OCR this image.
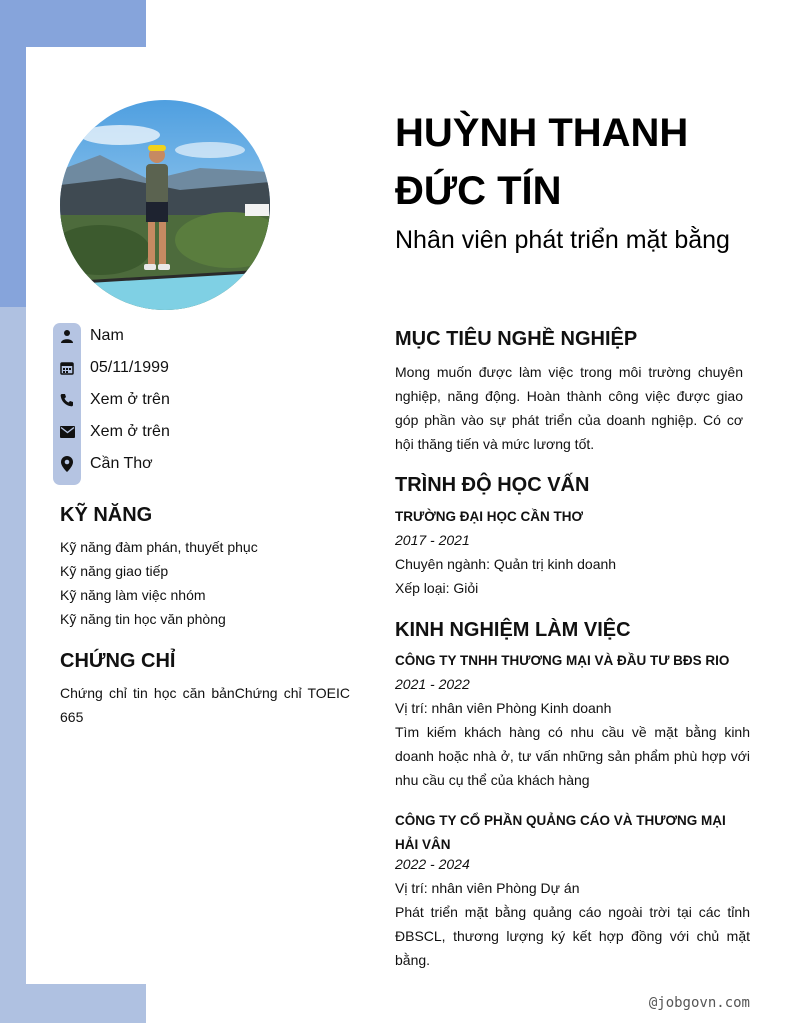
Nam
05/11/1999
Xem ở trên
Xem ở trên
Cần Thơ
KỸ NĂNG
Kỹ năng đàm phán, thuyết phục
Kỹ năng giao tiếp
Kỹ năng làm việc nhóm
Kỹ năng tin học văn phòng
CHỨNG CHỈ
Chứng chỉ tin học căn bảnChứng chỉ TOEIC 665
HUỲNH THANH ĐỨC TÍN
Nhân viên phát triển mặt bằng
MỤC TIÊU NGHỀ NGHIỆP
Mong muốn được làm việc trong môi trường chuyên nghiệp, năng động. Hoàn thành công việc được giao góp phần vào sự phát triển của doanh nghiệp. Có cơ hội thăng tiến và mức lương tốt.
TRÌNH ĐỘ HỌC VẤN
TRƯỜNG ĐẠI HỌC CẦN THƠ
2017 - 2021
Chuyên ngành: Quản trị kinh doanh
Xếp loại: Giỏi
KINH NGHIỆM LÀM VIỆC
CÔNG TY TNHH THƯƠNG MẠI VÀ ĐẦU TƯ BĐS RIO
2021 - 2022
Vị trí: nhân viên Phòng Kinh doanh
Tìm kiếm khách hàng có nhu cầu về mặt bằng kinh doanh hoặc nhà ở, tư vấn những sản phẩm phù hợp với nhu cầu cụ thể của khách hàng
CÔNG TY CỔ PHẦN QUẢNG CÁO VÀ THƯƠNG MẠI HẢI VÂN
2022 - 2024
Vị trí: nhân viên Phòng Dự án
Phát triển mặt bằng quảng cáo ngoài trời tại các tỉnh ĐBSCL, thương lượng ký kết hợp đồng với chủ mặt bằng.
@jobgovn.com
